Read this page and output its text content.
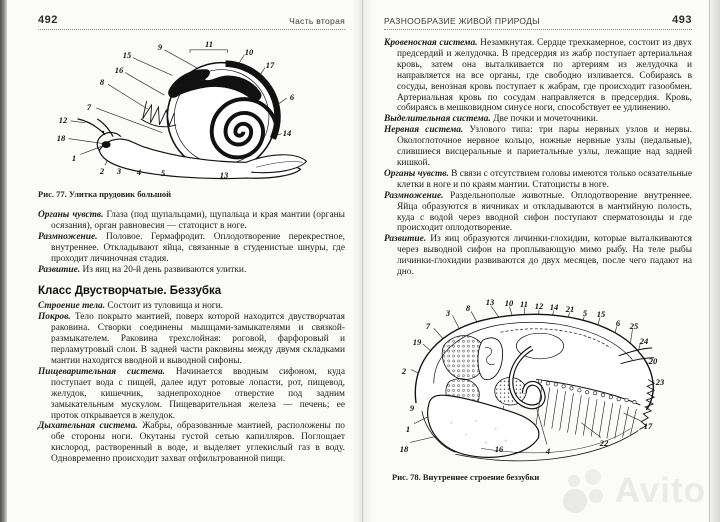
492	Часть вторая
15
9	11
10
17
16
8
7
6
12
18	14
1
2 3 4 5	13
Рис. 77. Улитка прудовик большой

Органы чувств. Глаза (под щупальцами), щупальца и края мантии (органы осязания), орган равновесия — статоцист в ноге.

Размножение. Половое. Гермафродит. Оплодотворение перекрестное, внутреннее. Откладывают яйца, связанные в студенистые шнуры, где проходит личиночная стадия.

Развитие. Из яиц на 20-й день развиваются улитки.

Класс Двустворчатые. Беззубка

Строение тела. Состоит из туловища и ноги.

Покров. Тело покрыто мантией, поверх которой находится двустворчатая раковина. Створки соединены мышцами-замыкателями и связкой-размыкателем. Раковина трехслойная: роговой, фарфоровый и перламутровый слои. В задней части раковины между двумя складками мантии находятся вводной и выводной сифоны.

Пищеварительная система. Начинается вводным сифоном, куда поступает вода с пищей, далее идут ротовые лопасти, рот, пищевод, желудок, кишечник, заднепроходное отверстие под задним замыкательным мускулом. Пищеварительная железа — печень; ее проток открывается в желудок.

Дыхательная система. Жабры, образованные мантией, расположены по обе стороны ноги. Окутаны густой сетью капилляров. Поглощает кислород, растворенный в воде, и выделяет углекислый газ в воду. Одновременно происходит захват отфильтрованной пищи.

РАЗНООБРАЗИЕ ЖИВОЙ ПРИРОДЫ	493

Кровеносная система. Незамкнутая. Сердце трехкамерное, состоит из двух предсердий и желудочка. В предсердия из жабр поступает артериальная кровь, затем она выталкивается по артериям из желудочка и направляется на все органы, где свободно изливается. Собираясь в сосуды, венозная кровь поступает к жабрам, где происходит газообмен. Артериальная кровь по сосудам направляется в предсердия. Кровь, собираясь в мешковидном синусе ноги, способствует ее удлинению.

Выделительная система. Две почки и мочеточники.

Нервная система. Узлового типа: три пары нервных узлов и нервы. Окологлоточное нервное кольцо, ножные нервные узлы (педальные), слившиеся висцеральные и париетальные узлы, лежащие над задней кишкой.

Органы чувств. В связи с отсутствием головы имеются только осязательные клетки в ноге и по краям мантии. Статоцисты в ноге.

Размножение. Раздельнополые животные. Оплодотворение внутреннее. Яйца образуются в яичниках и откладываются в мантийную полость, куда с водой через вводной сифон поступают сперматозоиды и где происходит оплодотворение.

Развитие. Из яиц образуются личинки-глохидии, которые выталкиваются через выводной сифон на проплывающую мимо рыбу. На теле рыбы личинки-глохидии развиваются до двух месяцев, после чего падают на дно.

13 10 11 12 14 21 5 15
6 25
24
20
23
7
3 8
19
2
9
1
18	16	4
17
22
Рис. 78. Внутреннее строение беззубки	Avito
